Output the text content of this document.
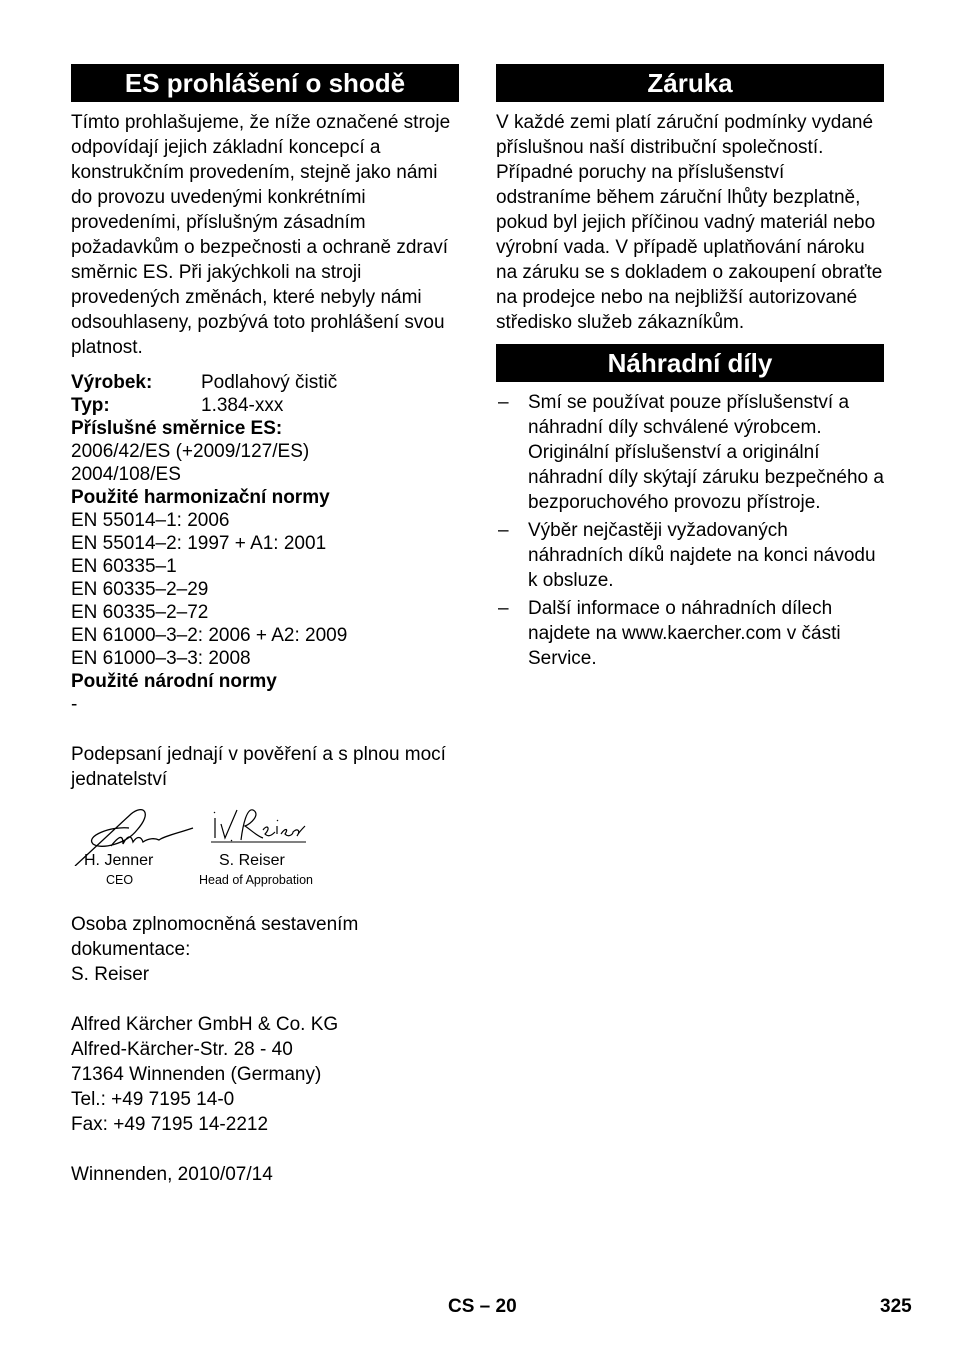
ES prohlášení o shodě

Tímto prohlašujeme, že níže označené stroje odpovídají jejich základní koncepcí a konstrukčním provedením, stejně jako námi do provozu uvedenými konkrétními provedeními, příslušným zásadním požadavkům o bezpečnosti a ochraně zdraví směrnic ES. Při jakýchkoli na stroji provedených změnách, které nebyly námi odsouhlaseny, pozbývá toto prohlášení svou platnost.

Výrobek:	Podlahový čistič
Typ:	1.384-xxx
Příslušné směrnice ES:
2006/42/ES (+2009/127/ES)
2004/108/ES
Použité harmonizační normy
EN 55014–1: 2006
EN 55014–2: 1997 + A1: 2001
EN 60335–1
EN 60335–2–29
EN 60335–2–72
EN 61000–3–2: 2006 + A2: 2009
EN 61000–3–3: 2008
Použité národní normy
-

Podepsaní jednají v pověření a s plnou mocí jednatelství

H. Jenner
CEO
S. Reiser
Head of Approbation

Osoba zplnomocněná sestavením dokumentace:

S. Reiser
Alfred Kärcher GmbH & Co. KG
Alfred-Kärcher-Str. 28 - 40
71364 Winnenden (Germany)
Tel.: +49 7195 14-0
Fax: +49 7195 14-2212
Winnenden, 2010/07/14
Záruka

V každé zemi platí záruční podmínky vydané příslušnou naší distribuční společností. Případné poruchy na příslušenství odstraníme během záruční lhůty bezplatně, pokud byl jejich příčinou vadný materiál nebo výrobní vada. V případě uplatňování nároku na záruku se s dokladem o zakoupení obraťte na prodejce nebo na nejbližší autorizované středisko služeb zákazníkům.

Náhradní díly
– Smí se používat pouze příslušenství a náhradní díly schválené výrobcem. Originální příslušenství a originální náhradní díly skýtají záruku bezpečného a bezporuchového provozu přístroje.
– Výběr nejčastěji vyžadovaných náhradních díků najdete na konci návodu k obsluze.
– Další informace o náhradních dílech najdete na www.kaercher.com v části Service.
CS – 20	325
